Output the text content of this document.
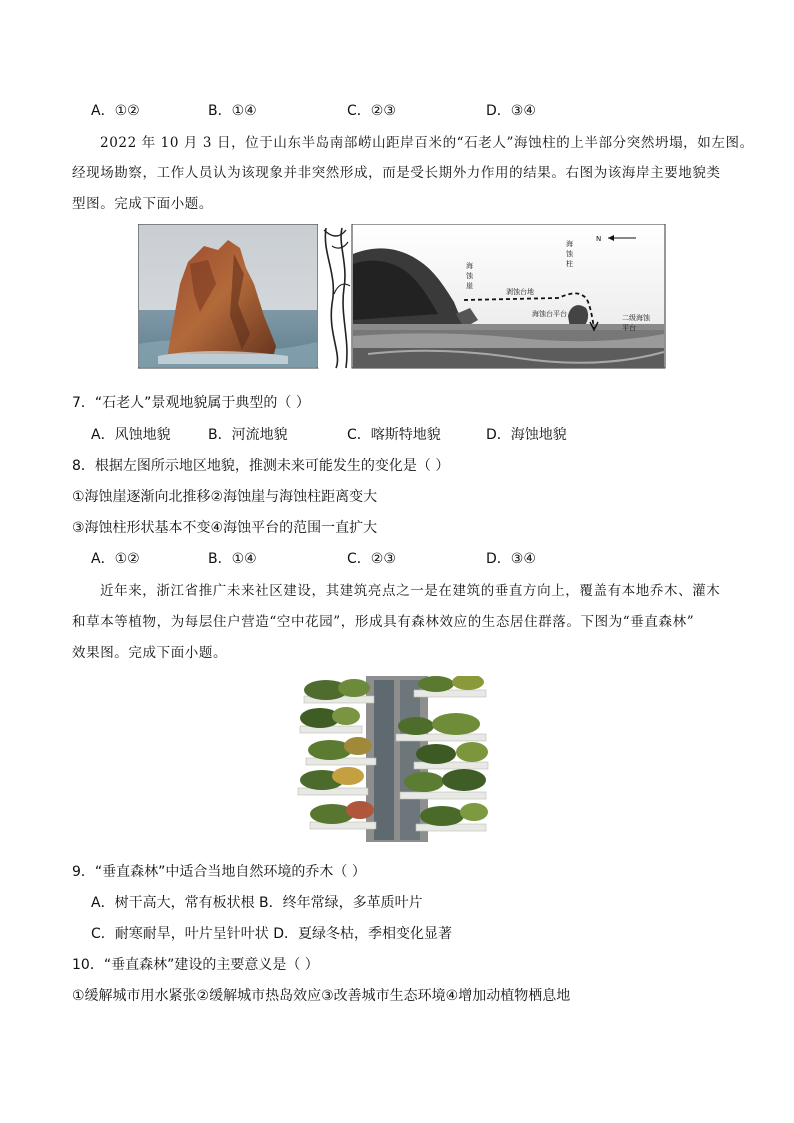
A．①②	B．①④	C．②③	D．③④
2022 年 10 月 3 日，位于山东半岛南部崂山距岸百米的“石老人”海蚀柱的上半部分突然坍塌，如左图。
经现场勘察，工作人员认为该现象并非突然形成，而是受长期外力作用的结果。右图为该海岸主要地貌类
型图。完成下面小题。
N
海
蚀
崖
海
蚀
柱
剥蚀台地
海蚀台平台	二级海蚀
平台
7．“石老人”景观地貌属于典型的（ ）
A．风蚀地貌	B．河流地貌	C．喀斯特地貌	D．海蚀地貌
8．根据左图所示地区地貌，推测未来可能发生的变化是（ ）
①海蚀崖逐渐向北推移②海蚀崖与海蚀柱距离变大
③海蚀柱形状基本不变④海蚀平台的范围一直扩大
A．①②	B．①④	C．②③	D．③④
近年来，浙江省推广未来社区建设，其建筑亮点之一是在建筑的垂直方向上，覆盖有本地乔木、灌木
和草本等植物，为每层住户营造“空中花园”，形成具有森林效应的生态居住群落。下图为“垂直森林”
效果图。完成下面小题。
9．“垂直森林”中适合当地自然环境的乔木（ ）
A．树干高大，常有板状根 B．终年常绿，多革质叶片
C．耐寒耐旱，叶片呈针叶状 D．夏绿冬枯，季相变化显著
10．“垂直森林”建设的主要意义是（ ）
①缓解城市用水紧张②缓解城市热岛效应③改善城市生态环境④增加动植物栖息地
